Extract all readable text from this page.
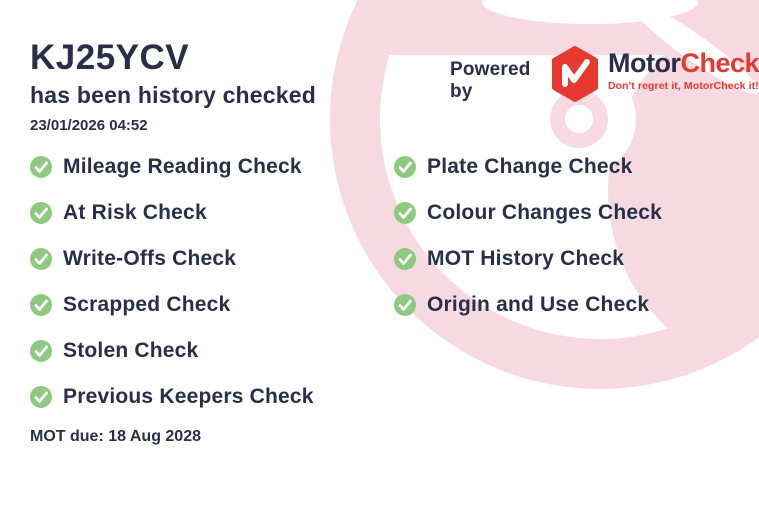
KJ25YCV
has been history checked
23/01/2026 04:52
Powered by
MotorCheck
Don't regret it, MotorCheck it!
Mileage Reading Check
At Risk Check
Write-Offs Check
Scrapped Check
Stolen Check
Previous Keepers Check
Plate Change Check
Colour Changes Check
MOT History Check
Origin and Use Check
MOT due: 18 Aug 2028
